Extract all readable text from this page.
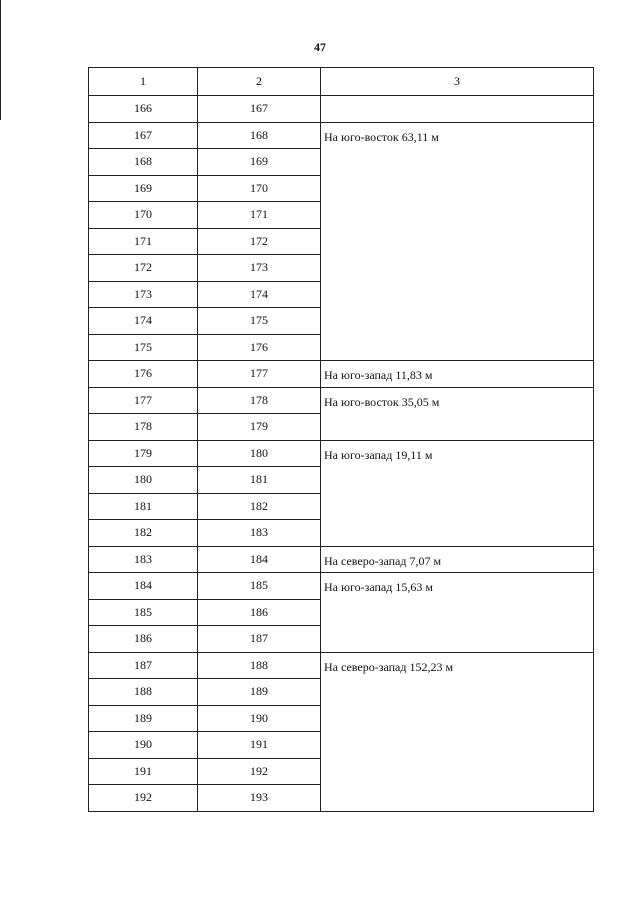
47
1	2	3
166	167	
167	168	На юго-восток 63,11 м
168	169	
169	170	
170	171	
171	172	
172	173	
173	174	
174	175	
175	176	
176	177	На юго-запад 11,83 м
177	178	На юго-восток 35,05 м
178	179	
179	180	На юго-запад 19,11 м
180	181	
181	182	
182	183	
183	184	На северо-запад 7,07 м
184	185	На юго-запад 15,63 м
185	186	
186	187	
187	188	На северо-запад 152,23 м
188	189	
189	190	
190	191	
191	192	
192	193	
